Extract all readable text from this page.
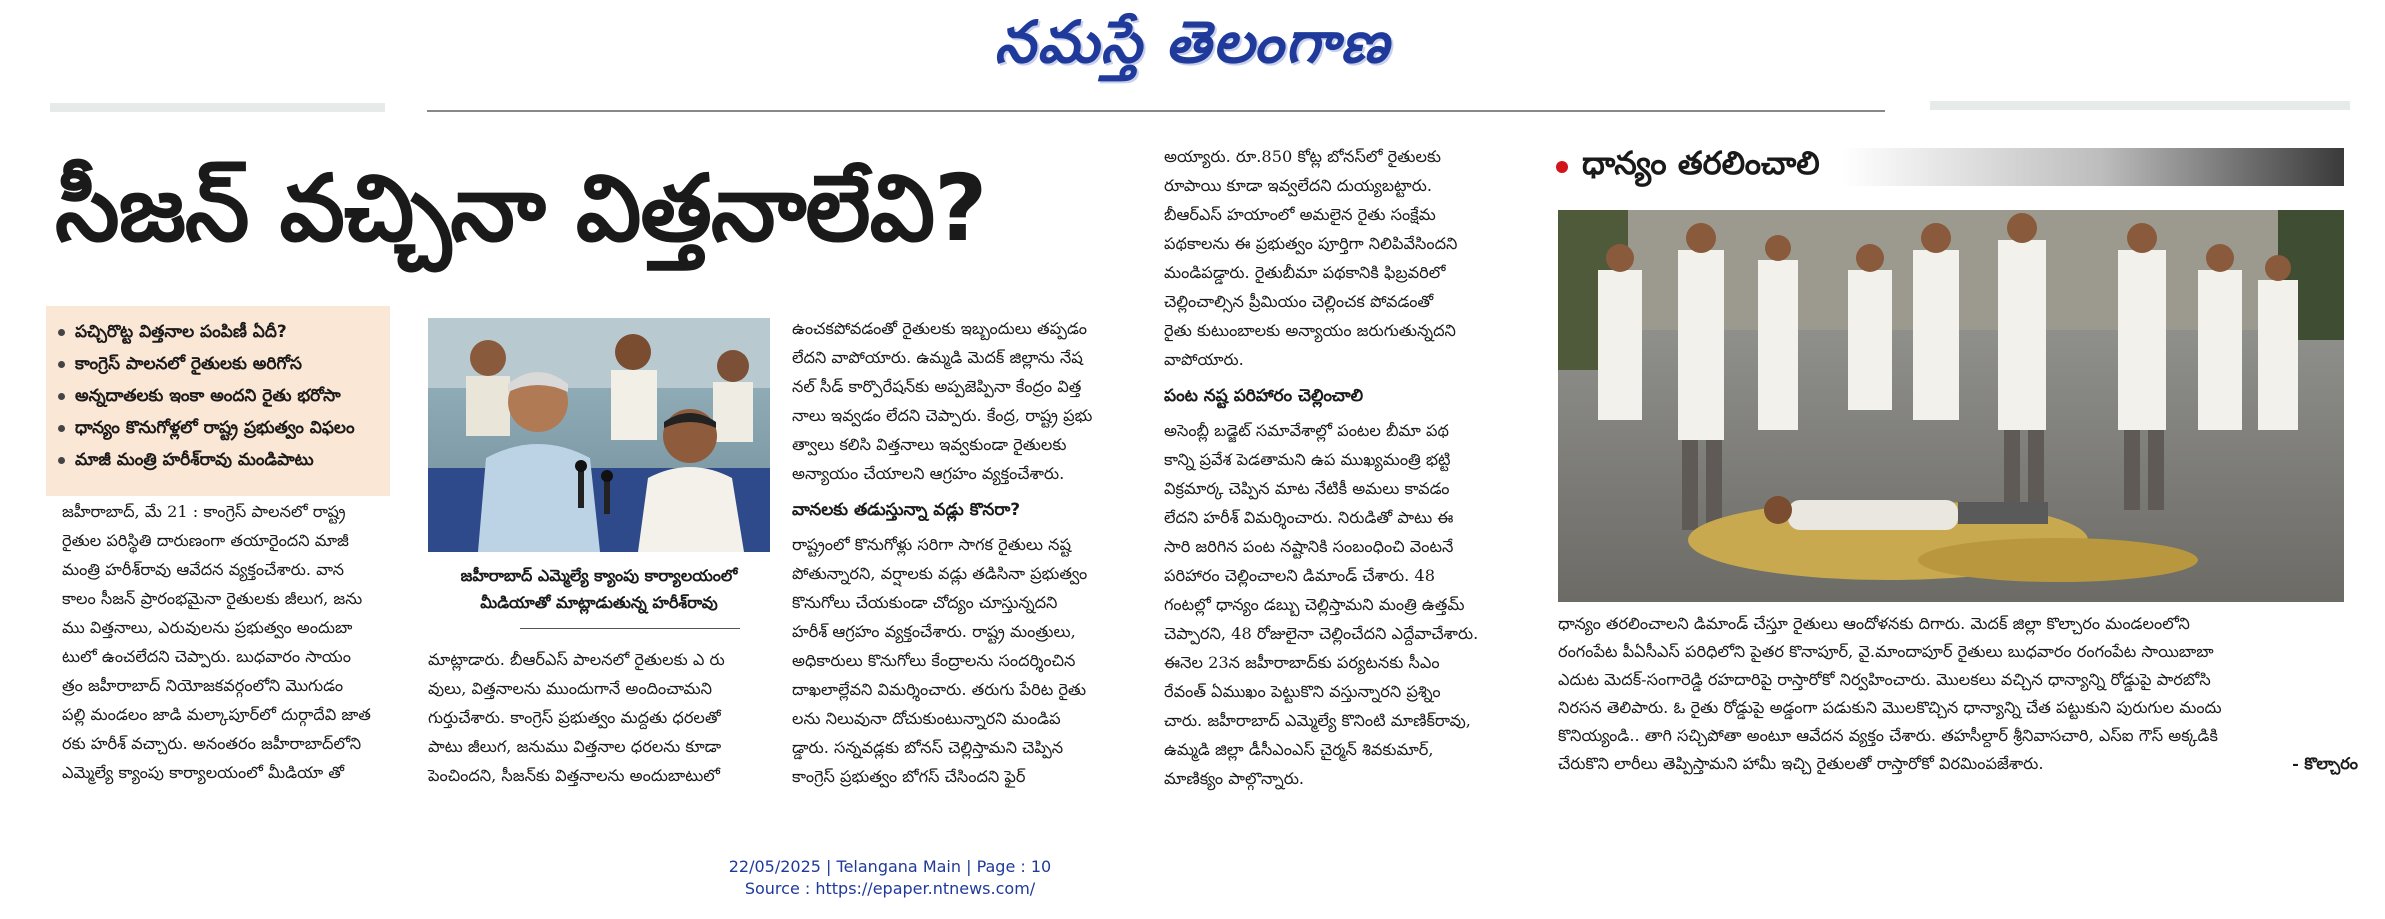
నమస్తే తెలంగాణ
సీజన్ వచ్చినా విత్తనాలేవి?
పచ్చిరొట్ట విత్తనాల పంపిణీ ఏదీ?
కాంగ్రెస్ పాలనలో రైతులకు అరిగోస
అన్నదాతలకు ఇంకా అందని రైతు భరోసా
ధాన్యం కొనుగోళ్లలో రాష్ట్ర ప్రభుత్వం విఫలం
మాజీ మంత్రి హరీశ్‌రావు మండిపాటు
జహీరాబాద్, మే 21 : కాంగ్రెస్ పాలనలో రాష్ట్ర
రైతుల పరిస్థితి దారుణంగా తయారైందని మాజీ
మంత్రి హరీశ్‌రావు ఆవేదన వ్యక్తంచేశారు. వాన
కాలం సీజన్ ప్రారంభమైనా రైతులకు జీలుగ, జను
ము విత్తనాలు, ఎరువులను ప్రభుత్వం అందుబా
టులో ఉంచలేదని చెప్పారు. బుధవారం సాయం
త్రం జహీరాబాద్ నియోజకవర్గంలోని మొగుడం
పల్లి మండలం జాడి మల్కాపూర్‌లో దుర్గాదేవి జాత
రకు హరీశ్ వచ్చారు. అనంతరం జహీరాబాద్‌లోని
ఎమ్మెల్యే క్యాంపు కార్యాలయంలో మీడియా తో
జహీరాబాద్ ఎమ్మెల్యే క్యాంపు కార్యాలయంలో
మీడియాతో మాట్లాడుతున్న హరీశ్‌రావు
మాట్లాడారు. బీఆర్ఎస్ పాలనలో రైతులకు ఎ రు
వులు, విత్తనాలను ముందుగానే అందించామని
గుర్తుచేశారు. కాంగ్రెస్ ప్రభుత్వం మద్దతు ధరలతో
పాటు జీలుగ, జనుము విత్తనాల ధరలను కూడా
పెంచిందని, సీజన్‌కు విత్తనాలను అందుబాటులో
ఉంచకపోవడంతో రైతులకు ఇబ్బందులు తప్పడం
లేదని వాపోయారు. ఉమ్మడి మెదక్ జిల్లాను నేష
నల్ సీడ్ కార్పొరేషన్‌కు అప్పజెప్పినా కేంద్రం విత్త
నాలు ఇవ్వడం లేదని చెప్పారు. కేంద్ర, రాష్ట్ర ప్రభు
త్వాలు కలిసి విత్తనాలు ఇవ్వకుండా రైతులకు
అన్యాయం చేయాలని ఆగ్రహం వ్యక్తంచేశారు.
వానలకు తడుస్తున్నా వడ్లు కొనరా?
రాష్ట్రంలో కొనుగోళ్లు సరిగా సాగక రైతులు నష్ట
పోతున్నారని, వర్షాలకు వడ్లు తడిసినా ప్రభుత్వం
కొనుగోలు చేయకుండా చోద్యం చూస్తున్నదని
హరీశ్ ఆగ్రహం వ్యక్తంచేశారు. రాష్ట్ర మంత్రులు,
అధికారులు కొనుగోలు కేంద్రాలను సందర్శించిన
దాఖలాల్లేవని విమర్శించారు. తరుగు పేరిట రైతు
లను నిలువునా దోచుకుంటున్నారని మండిప
డ్డారు. సన్నవడ్లకు బోనస్ చెల్లిస్తామని చెప్పిన
కాంగ్రెస్ ప్రభుత్వం బోగస్ చేసిందని ఫైర్
అయ్యారు. రూ.850 కోట్ల బోనస్‌లో రైతులకు
రూపాయి కూడా ఇవ్వలేదని దుయ్యబట్టారు.
బీఆర్ఎస్ హయాంలో అమలైన రైతు సంక్షేమ
పథకాలను ఈ ప్రభుత్వం పూర్తిగా నిలిపివేసిందని
మండిపడ్డారు. రైతుబీమా పథకానికి ఫిబ్రవరిలో
చెల్లించాల్సిన ప్రీమియం చెల్లించక పోవడంతో
రైతు కుటుంబాలకు అన్యాయం జరుగుతున్నదని
వాపోయారు.
పంట నష్ట పరిహారం చెల్లించాలి
అసెంబ్లీ బడ్జెట్ సమావేశాల్లో పంటల బీమా పథ
కాన్ని ప్రవేశ పెడతామని ఉప ముఖ్యమంత్రి భట్టి
విక్రమార్క చెప్పిన మాట నేటికీ అమలు కావడం
లేదని హరీశ్ విమర్శించారు. నిరుడితో పాటు ఈ
సారి జరిగిన పంట నష్టానికి సంబంధించి వెంటనే
పరిహారం చెల్లించాలని డిమాండ్ చేశారు. 48
గంటల్లో ధాన్యం డబ్బు చెల్లిస్తామని మంత్రి ఉత్తమ్
చెప్పారని, 48 రోజులైనా చెల్లించేదని ఎద్దేవాచేశారు.
ఈనెల 23న జహీరాబాద్‌కు పర్యటనకు సీఎం
రేవంత్ ఏముఖం పెట్టుకొని వస్తున్నారని ప్రశ్నిం
చారు. జహీరాబాద్ ఎమ్మెల్యే కొనింటి మాణిక్‌రావు,
ఉమ్మడి జిల్లా డీసీఎంఎస్ చైర్మన్ శివకుమార్,
మాణిక్యం పాల్గొన్నారు.
ధాన్యం తరలించాలి
ధాన్యం తరలించాలని డిమాండ్ చేస్తూ రైతులు ఆందోళనకు దిగారు. మెదక్ జిల్లా కొల్చారం మండలంలోని
రంగంపేట పీఏసీఎస్ పరిధిలోని పైతర కొనాపూర్, వై.మాందాపూర్ రైతులు బుధవారం రంగంపేట సాయిబాబా
ఎదుట మెదక్-సంగారెడ్డి రహదారిపై రాస్తారోకో నిర్వహించారు. మొలకలు వచ్చిన ధాన్యాన్ని రోడ్డుపై పారబోసి
నిరసన తెలిపారు. ఓ రైతు రోడ్డుపై అడ్డంగా పడుకుని మొలకొచ్చిన ధాన్యాన్ని చేత పట్టుకుని పురుగుల మందు
కొనియ్యండి.. తాగి సచ్చిపోతా అంటూ ఆవేదన వ్యక్తం చేశారు. తహసీల్దార్ శ్రీనివాసచారి, ఎస్ఐ గౌస్ అక్కడికి
చేరుకొని లారీలు తెప్పిస్తామని హామీ ఇచ్చి రైతులతో రాస్తారోకో విరమింపజేశారు.	- కొల్చారం
22/05/2025 | Telangana Main | Page : 10
Source : https://epaper.ntnews.com/
